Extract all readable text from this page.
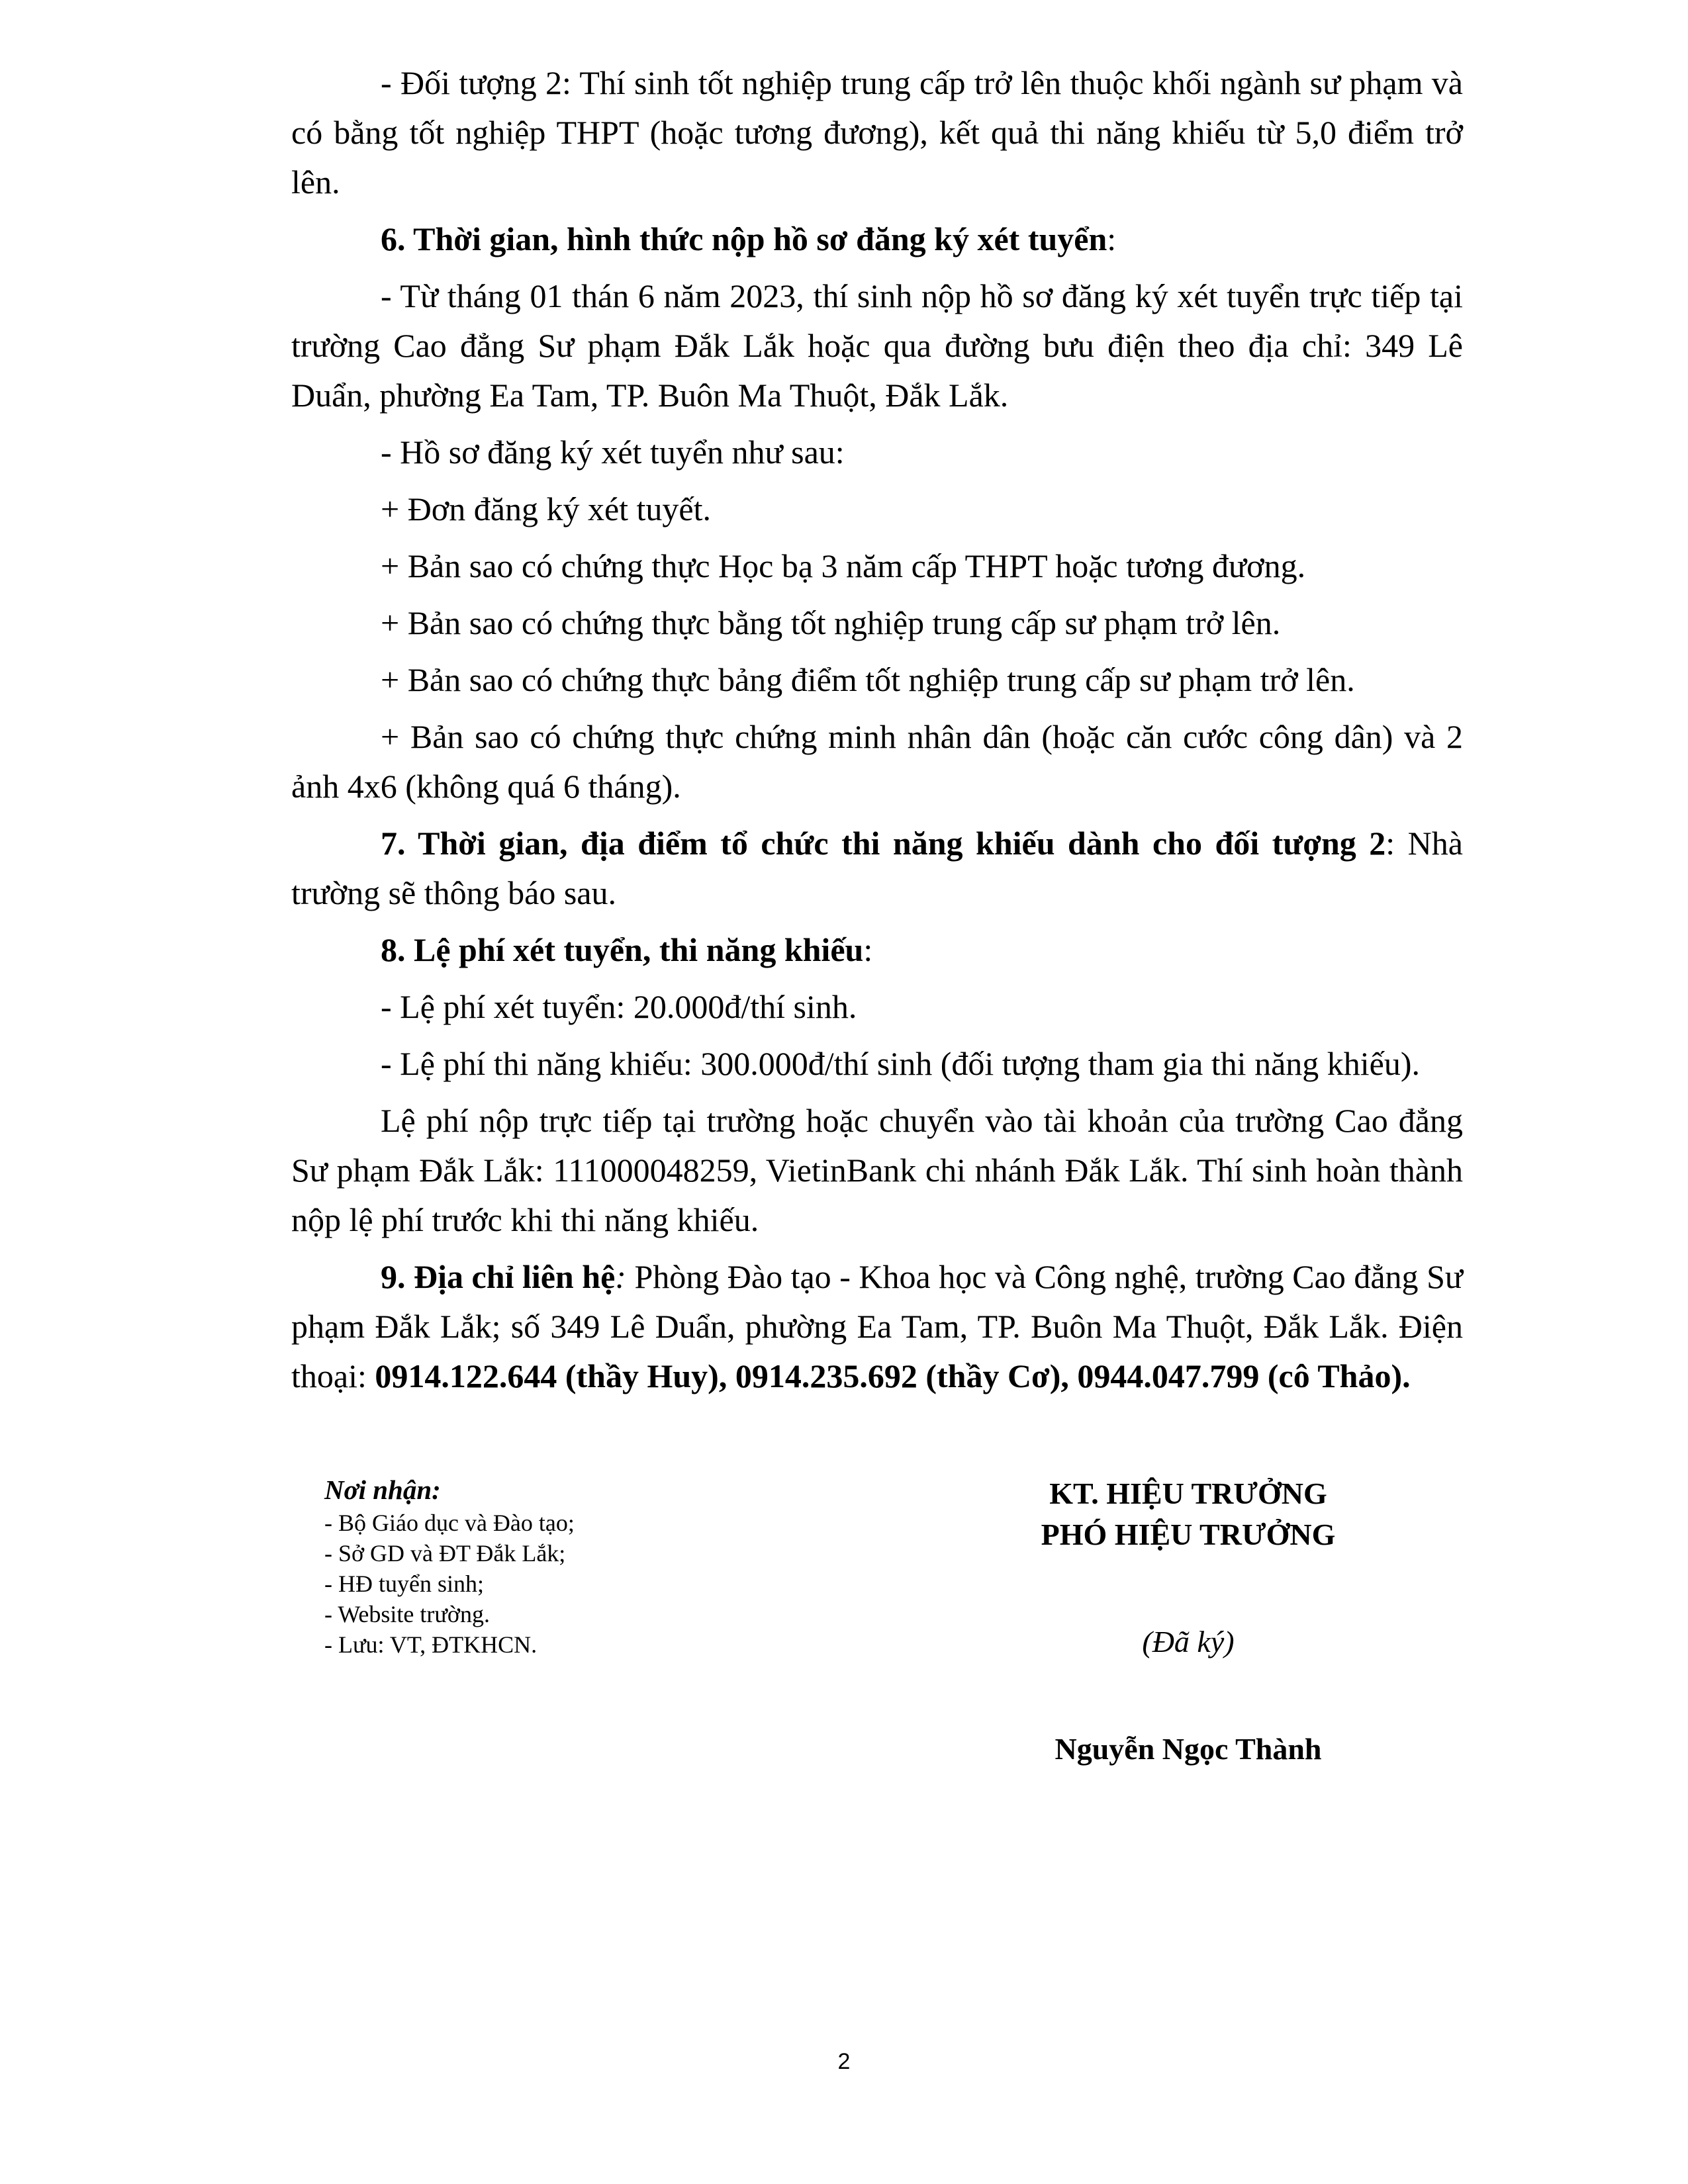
- Đối tượng 2: Thí sinh tốt nghiệp trung cấp trở lên thuộc khối ngành sư phạm và có bằng tốt nghiệp THPT (hoặc tương đương), kết quả thi năng khiếu từ 5,0 điểm trở lên.

6. Thời gian, hình thức nộp hồ sơ đăng ký xét tuyển:

- Từ tháng 01 thán 6 năm 2023, thí sinh nộp hồ sơ đăng ký xét tuyển trực tiếp tại trường Cao đẳng Sư phạm Đắk Lắk hoặc qua đường bưu điện theo địa chỉ: 349 Lê Duẩn, phường Ea Tam, TP. Buôn Ma Thuột, Đắk Lắk.

- Hồ sơ đăng ký xét tuyển như sau:

+ Đơn đăng ký xét tuyết.

+ Bản sao có chứng thực Học bạ 3 năm cấp THPT hoặc tương đương.

+ Bản sao có chứng thực bằng tốt nghiệp trung cấp sư phạm trở lên.

+ Bản sao có chứng thực bảng điểm tốt nghiệp trung cấp sư phạm trở lên.

+ Bản sao có chứng thực chứng minh nhân dân (hoặc căn cước công dân) và 2 ảnh 4x6 (không quá 6 tháng).

7. Thời gian, địa điểm tổ chức thi năng khiếu dành cho đối tượng 2: Nhà trường sẽ thông báo sau.

8. Lệ phí xét tuyển, thi năng khiếu:

- Lệ phí xét tuyển: 20.000đ/thí sinh.

- Lệ phí thi năng khiếu: 300.000đ/thí sinh (đối tượng tham gia thi năng khiếu).

Lệ phí nộp trực tiếp tại trường hoặc chuyển vào tài khoản của trường Cao đẳng Sư phạm Đắk Lắk: 111000048259, VietinBank chi nhánh Đắk Lắk. Thí sinh hoàn thành nộp lệ phí trước khi thi năng khiếu.

9. Địa chỉ liên hệ: Phòng Đào tạo - Khoa học và Công nghệ, trường Cao đẳng Sư phạm Đắk Lắk; số 349 Lê Duẩn, phường Ea Tam, TP. Buôn Ma Thuột, Đắk Lắk. Điện thoại: 0914.122.644 (thầy Huy), 0914.235.692 (thầy Cơ), 0944.047.799 (cô Thảo).

Nơi nhận:
- Bộ Giáo dục và Đào tạo;
- Sở GD và ĐT Đắk Lắk;
- HĐ tuyển sinh;
- Website trường.
- Lưu: VT, ĐTKHCN.
KT. HIỆU TRƯỞNG
PHÓ HIỆU TRƯỞNG
(Đã ký)
Nguyễn Ngọc Thành
2
